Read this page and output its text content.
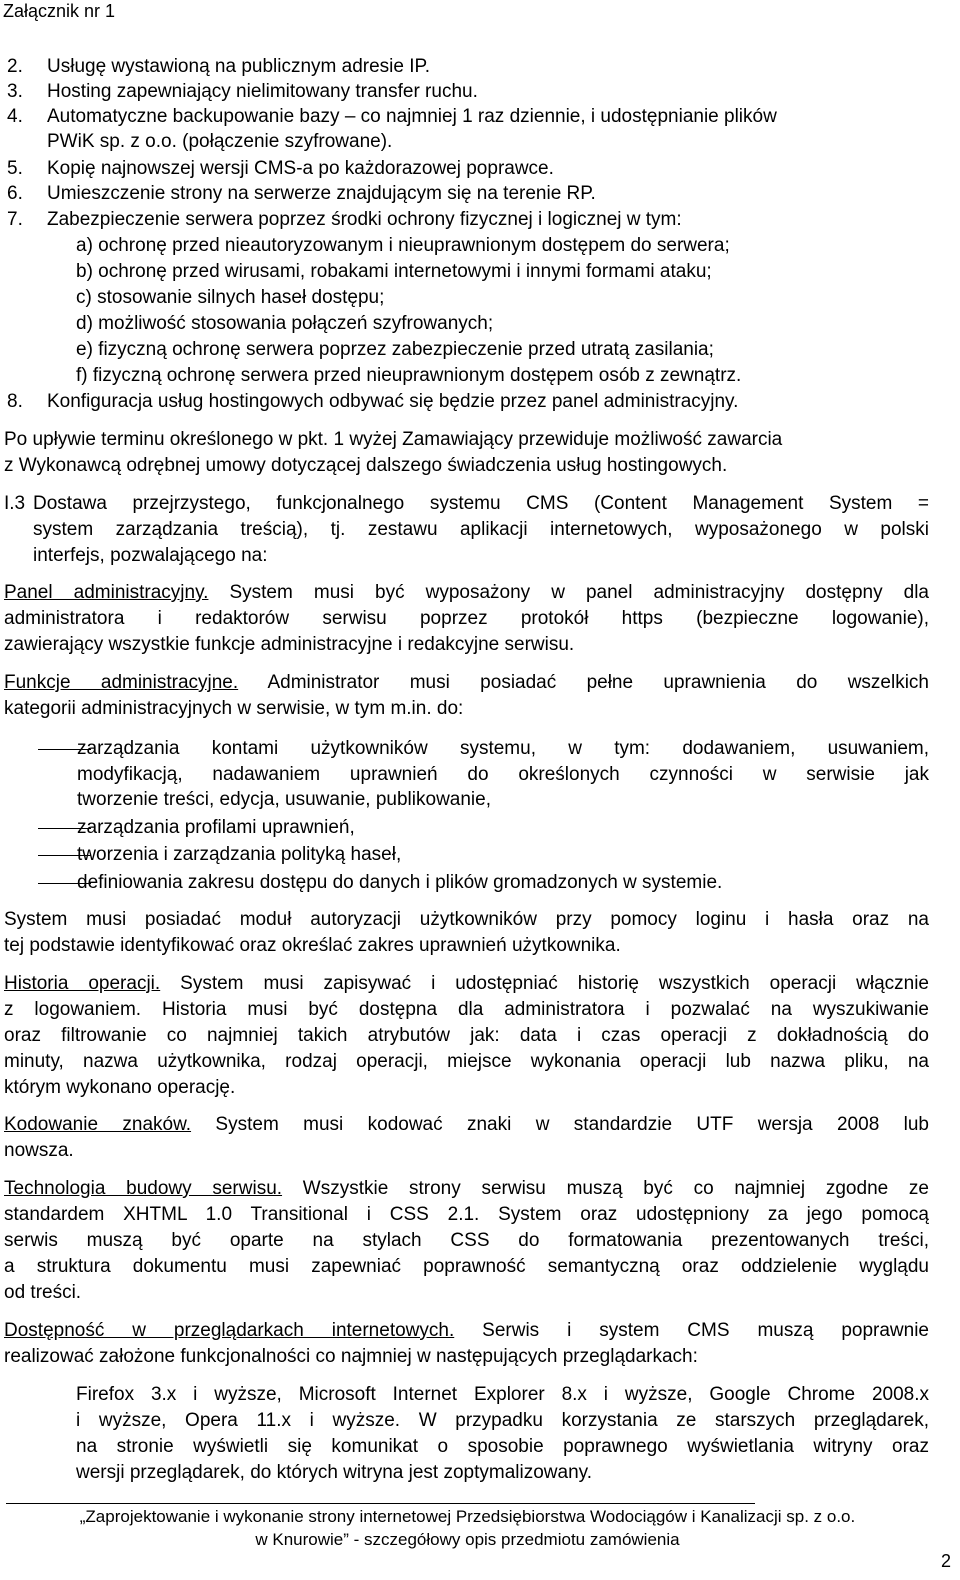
Załącznik nr 1
2. Usługę wystawioną na publicznym adresie IP.
3. Hosting zapewniający nielimitowany transfer ruchu.
4. Automatyczne backupowanie bazy – co najmniej 1 raz dziennie, i udostępnianie plików
PWiK sp. z o.o. (połączenie szyfrowane).
5. Kopię najnowszej wersji CMS-a po każdorazowej poprawce.
6. Umieszczenie strony na serwerze znajdującym się na terenie RP.
7. Zabezpieczenie serwera poprzez środki ochrony fizycznej i logicznej w tym:
a) ochronę przed nieautoryzowanym i nieuprawnionym dostępem do serwera;
b) ochronę przed wirusami, robakami internetowymi i innymi formami ataku;
c) stosowanie silnych haseł dostępu;
d) możliwość stosowania połączeń szyfrowanych;
e) fizyczną ochronę serwera poprzez zabezpieczenie przed utratą zasilania;
f) fizyczną ochronę serwera przed nieuprawnionym dostępem osób z zewnątrz.
8. Konfiguracja usług hostingowych odbywać się będzie przez panel administracyjny.
Po upływie terminu określonego w pkt. 1 wyżej Zamawiający przewiduje możliwość zawarcia
z Wykonawcą odrębnej umowy dotyczącej dalszego świadczenia usług hostingowych.
I.3 Dostawa przejrzystego, funkcjonalnego systemu CMS (Content Management System =
system zarządzania treścią), tj. zestawu aplikacji internetowych, wyposażonego w polski
interfejs, pozwalającego na:
Panel administracyjny. System musi być wyposażony w panel administracyjny dostępny dla
administratora i redaktorów serwisu poprzez protokół https (bezpieczne logowanie),
zawierający wszystkie funkcje administracyjne i redakcyjne serwisu.
Funkcje administracyjne. Administrator musi posiadać pełne uprawnienia do wszelkich
kategorii administracyjnych w serwisie, w tym m.in. do:
zarządzania kontami użytkowników systemu, w tym: dodawaniem, usuwaniem,
modyfikacją, nadawaniem uprawnień do określonych czynności w serwisie jak
tworzenie treści, edycja, usuwanie, publikowanie,
zarządzania profilami uprawnień,
tworzenia i zarządzania polityką haseł,
definiowania zakresu dostępu do danych i plików gromadzonych w systemie.
System musi posiadać moduł autoryzacji użytkowników przy pomocy loginu i hasła oraz na
tej podstawie identyfikować oraz określać zakres uprawnień użytkownika.
Historia operacji. System musi zapisywać i udostępniać historię wszystkich operacji włącznie
z logowaniem. Historia musi być dostępna dla administratora i pozwalać na wyszukiwanie
oraz filtrowanie co najmniej takich atrybutów jak: data i czas operacji z dokładnością do
minuty, nazwa użytkownika, rodzaj operacji, miejsce wykonania operacji lub nazwa pliku, na
którym wykonano operację.
Kodowanie znaków. System musi kodować znaki w standardzie UTF wersja 2008 lub
nowsza.
Technologia budowy serwisu. Wszystkie strony serwisu muszą być co najmniej zgodne ze
standardem XHTML 1.0 Transitional i CSS 2.1. System oraz udostępniony za jego pomocą
serwis muszą być oparte na stylach CSS do formatowania prezentowanych treści,
a struktura dokumentu musi zapewniać poprawność semantyczną oraz oddzielenie wyglądu
od treści.
Dostępność w przeglądarkach internetowych. Serwis i system CMS muszą poprawnie
realizować założone funkcjonalności co najmniej w następujących przeglądarkach:
Firefox 3.x i wyższe, Microsoft Internet Explorer 8.x i wyższe, Google Chrome 2008.x
i wyższe, Opera 11.x i wyższe. W przypadku korzystania ze starszych przeglądarek,
na stronie wyświetli się komunikat o sposobie poprawnego wyświetlania witryny oraz
wersji przeglądarek, do których witryna jest zoptymalizowany.
„Zaprojektowanie i wykonanie strony internetowej Przedsiębiorstwa Wodociągów i Kanalizacji sp. z o.o.
w Knurowie” - szczegółowy opis przedmiotu zamówienia
2
